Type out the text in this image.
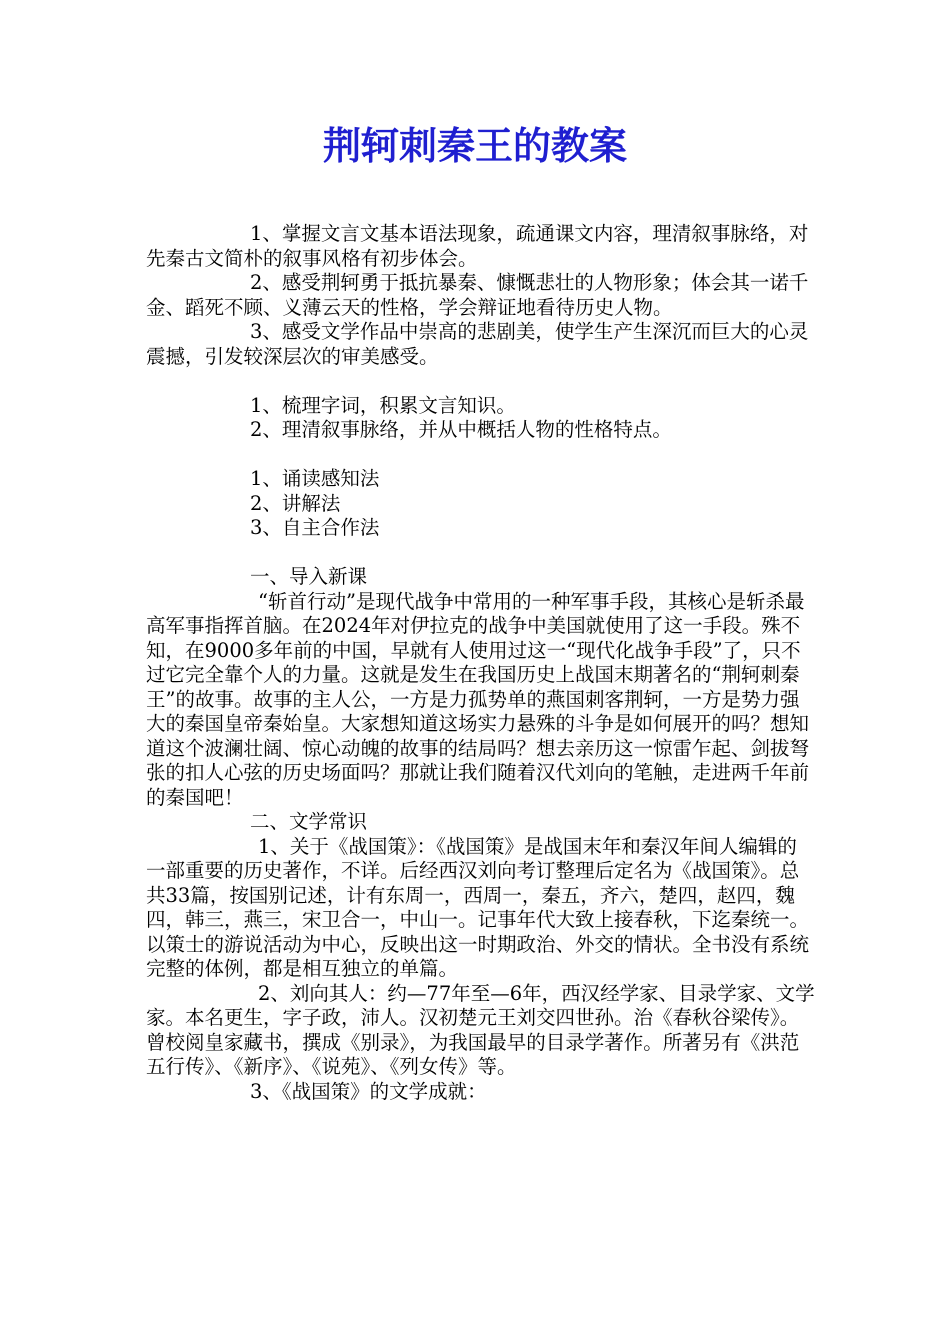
荆轲刺秦王的教案

1、掌握文言文基本语法现象，疏通课文内容，理清叙事脉络，对先秦古文简朴的叙事风格有初步体会。

2、感受荆轲勇于抵抗暴秦、慷慨悲壮的人物形象；体会其一诺千金、蹈死不顾、义薄云天的性格，学会辩证地看待历史人物。

3、感受文学作品中崇高的悲剧美，使学生产生深沉而巨大的心灵震撼，引发较深层次的审美感受。

1、梳理字词，积累文言知识。

2、理清叙事脉络，并从中概括人物的性格特点。

1、诵读感知法

2、讲解法

3、自主合作法

一、导入新课

“斩首行动”是现代战争中常用的一种军事手段，其核心是斩杀最高军事指挥首脑。在2024年对伊拉克的战争中美国就使用了这一手段。殊不知，在9000多年前的中国，早就有人使用过这一“现代化战争手段”了，只不过它完全靠个人的力量。这就是发生在我国历史上战国末期著名的“荆轲刺秦王”的故事。故事的主人公，一方是力孤势单的燕国刺客荆轲，一方是势力强大的秦国皇帝秦始皇。大家想知道这场实力悬殊的斗争是如何展开的吗？想知道这个波澜壮阔、惊心动魄的故事的结局吗？想去亲历这一惊雷乍起、剑拔弩张的扣人心弦的历史场面吗？那就让我们随着汉代刘向的笔触，走进两千年前的秦国吧！

二、文学常识

1、关于《战国策》：《战国策》是战国末年和秦汉年间人编辑的一部重要的历史著作，不详。后经西汉刘向考订整理后定名为《战国策》。总共33篇，按国别记述，计有东周一，西周一，秦五，齐六，楚四，赵四，魏四，韩三，燕三，宋卫合一，中山一。记事年代大致上接春秋，下迄秦统一。以策士的游说活动为中心，反映出这一时期政治、外交的情状。全书没有系统完整的体例，都是相互独立的单篇。

2、刘向其人：约—77年至—6年，西汉经学家、目录学家、文学家。本名更生，字子政，沛人。汉初楚元王刘交四世孙。治《春秋谷梁传》。曾校阅皇家藏书，撰成《别录》，为我国最早的目录学著作。所著另有《洪范五行传》、《新序》、《说苑》、《列女传》等。

3、《战国策》的文学成就：
